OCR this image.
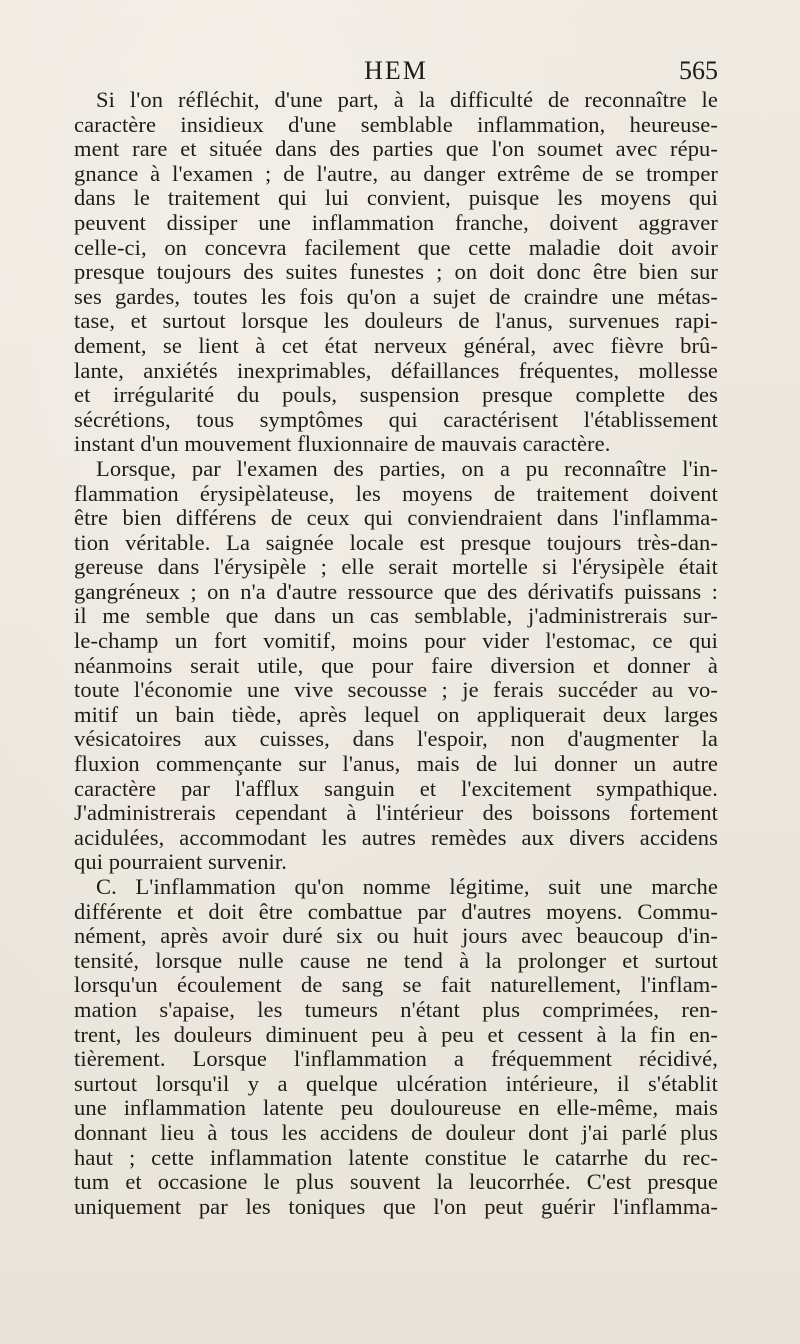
HEM	565
Si l'on réfléchit, d'une part, à la difficulté de reconnaître le
caractère insidieux d'une semblable inflammation, heureuse-
ment rare et située dans des parties que l'on soumet avec répu-
gnance à l'examen ; de l'autre, au danger extrême de se tromper
dans le traitement qui lui convient, puisque les moyens qui
peuvent dissiper une inflammation franche, doivent aggraver
celle-ci, on concevra facilement que cette maladie doit avoir
presque toujours des suites funestes ; on doit donc être bien sur
ses gardes, toutes les fois qu'on a sujet de craindre une métas-
tase, et surtout lorsque les douleurs de l'anus, survenues rapi-
dement, se lient à cet état nerveux général, avec fièvre brû-
lante, anxiétés inexprimables, défaillances fréquentes, mollesse
et irrégularité du pouls, suspension presque complette des
sécrétions, tous symptômes qui caractérisent l'établissement
instant d'un mouvement fluxionnaire de mauvais caractère.
Lorsque, par l'examen des parties, on a pu reconnaître l'in-
flammation érysipèlateuse, les moyens de traitement doivent
être bien différens de ceux qui conviendraient dans l'inflamma-
tion véritable. La saignée locale est presque toujours très-dan-
gereuse dans l'érysipèle ; elle serait mortelle si l'érysipèle était
gangréneux ; on n'a d'autre ressource que des dérivatifs puissans :
il me semble que dans un cas semblable, j'administrerais sur-
le-champ un fort vomitif, moins pour vider l'estomac, ce qui
néanmoins serait utile, que pour faire diversion et donner à
toute l'économie une vive secousse ; je ferais succéder au vo-
mitif un bain tiède, après lequel on appliquerait deux larges
vésicatoires aux cuisses, dans l'espoir, non d'augmenter la
fluxion commençante sur l'anus, mais de lui donner un autre
caractère par l'afflux sanguin et l'excitement sympathique.
J'administrerais cependant à l'intérieur des boissons fortement
acidulées, accommodant les autres remèdes aux divers accidens
qui pourraient survenir.
C. L'inflammation qu'on nomme légitime, suit une marche
différente et doit être combattue par d'autres moyens. Commu-
nément, après avoir duré six ou huit jours avec beaucoup d'in-
tensité, lorsque nulle cause ne tend à la prolonger et surtout
lorsqu'un écoulement de sang se fait naturellement, l'inflam-
mation s'apaise, les tumeurs n'étant plus comprimées, ren-
trent, les douleurs diminuent peu à peu et cessent à la fin en-
tièrement. Lorsque l'inflammation a fréquemment récidivé,
surtout lorsqu'il y a quelque ulcération intérieure, il s'établit
une inflammation latente peu douloureuse en elle-même, mais
donnant lieu à tous les accidens de douleur dont j'ai parlé plus
haut ; cette inflammation latente constitue le catarrhe du rec-
tum et occasione le plus souvent la leucorrhée. C'est presque
uniquement par les toniques que l'on peut guérir l'inflamma-
